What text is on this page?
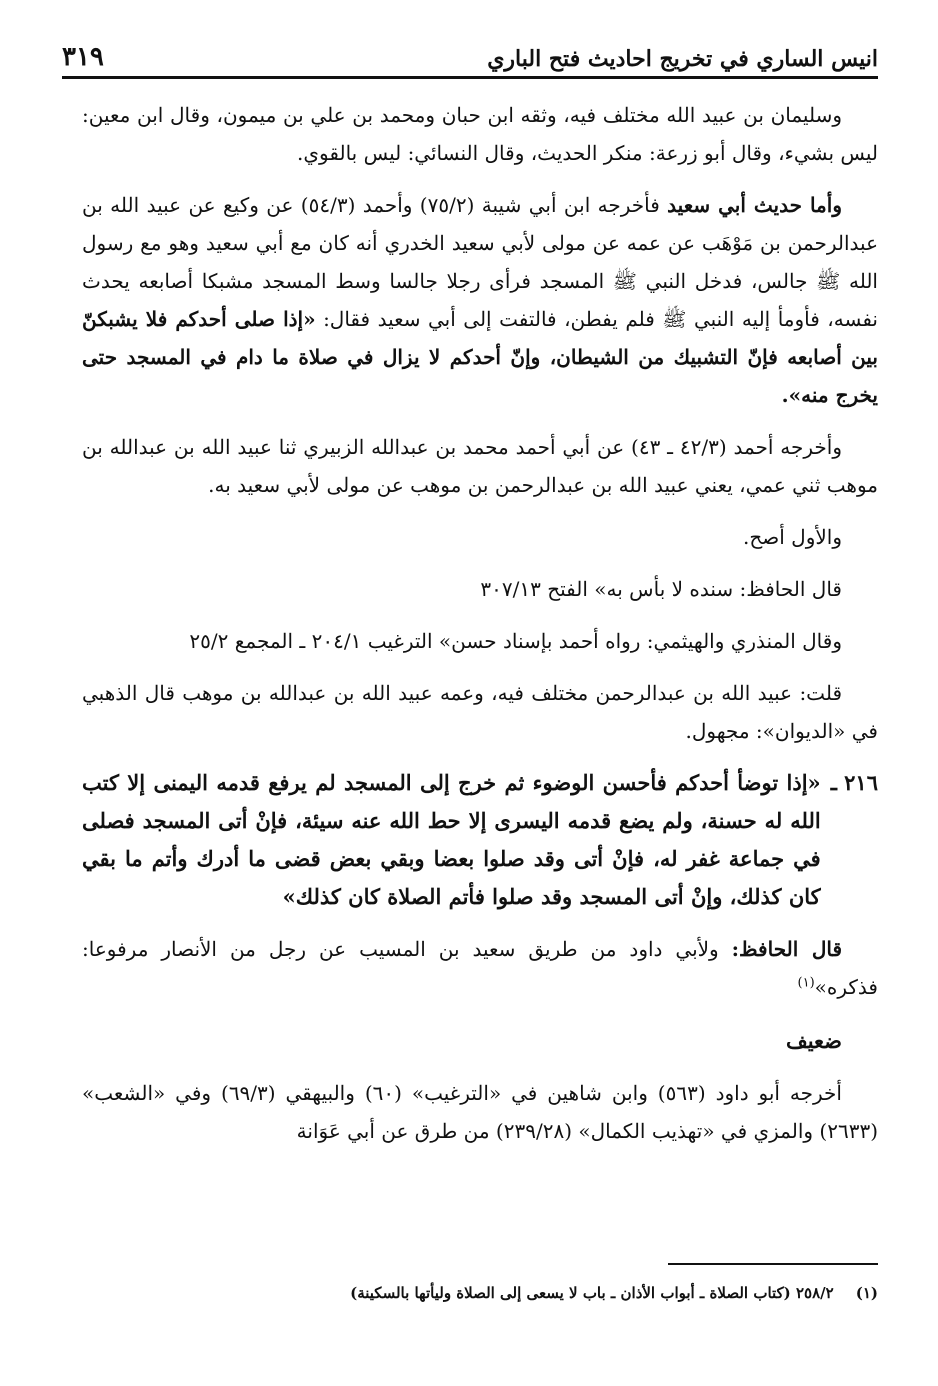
انيس الساري في تخريج احاديث فتح الباري
٣١٩

وسليمان بن عبيد الله مختلف فيه، وثقه ابن حبان ومحمد بن علي بن ميمون، وقال ابن معين: ليس بشيء، وقال أبو زرعة: منكر الحديث، وقال النسائي: ليس بالقوي.

وأما حديث أبي سعيد فأخرجه ابن أبي شيبة (٧٥/٢) وأحمد (٥٤/٣) عن وكيع عن عبيد الله بن عبدالرحمن بن مَوْهَب عن عمه عن مولى لأبي سعيد الخدري أنه كان مع أبي سعيد وهو مع رسول الله ﷺ جالس، فدخل النبي ﷺ المسجد فرأى رجلا جالسا وسط المسجد مشبكا أصابعه يحدث نفسه، فأومأ إليه النبي ﷺ فلم يفطن، فالتفت إلى أبي سعيد فقال: «إذا صلى أحدكم فلا يشبكنّ بين أصابعه فإنّ التشبيك من الشيطان، وإنّ أحدكم لا يزال في صلاة ما دام في المسجد حتى يخرج منه».

وأخرجه أحمد (٤٢/٣ ـ ٤٣) عن أبي أحمد محمد بن عبدالله الزبيري ثنا عبيد الله بن عبدالله بن موهب ثني عمي، يعني عبيد الله بن عبدالرحمن بن موهب عن مولى لأبي سعيد به.

والأول أصح.

قال الحافظ: سنده لا بأس به» الفتح ٣٠٧/١٣

وقال المنذري والهيثمي: رواه أحمد بإسناد حسن» الترغيب ٢٠٤/١ ـ المجمع ٢٥/٢

قلت: عبيد الله بن عبدالرحمن مختلف فيه، وعمه عبيد الله بن عبدالله بن موهب قال الذهبي في «الديوان»: مجهول.

٢١٦ ـ
«إذا توضأ أحدكم فأحسن الوضوء ثم خرج إلى المسجد لم يرفع قدمه اليمنى إلا كتب الله له حسنة، ولم يضع قدمه اليسرى إلا حط الله عنه سيئة، فإنْ أتى المسجد فصلى في جماعة غفر له، فإنْ أتى وقد صلوا بعضا وبقي بعض قضى ما أدرك وأتم ما بقي كان كذلك، وإنْ أتى المسجد وقد صلوا فأتم الصلاة كان كذلك»

قال الحافظ: ولأبي داود من طريق سعيد بن المسيب عن رجل من الأنصار مرفوعا: فذكره»$^{(١)}$

ضعيف

أخرجه أبو داود (٥٦٣) وابن شاهين في «الترغيب» (٦٠) والبيهقي (٦٩/٣) وفي «الشعب» (٢٦٣٣) والمزي في «تهذيب الكمال» (٢٣٩/٢٨) من طرق عن أبي عَوَانة

(١)
٢٥٨/٢ (كتاب الصلاة ـ أبواب الأذان ـ باب لا يسعى إلى الصلاة وليأتها بالسكينة)
